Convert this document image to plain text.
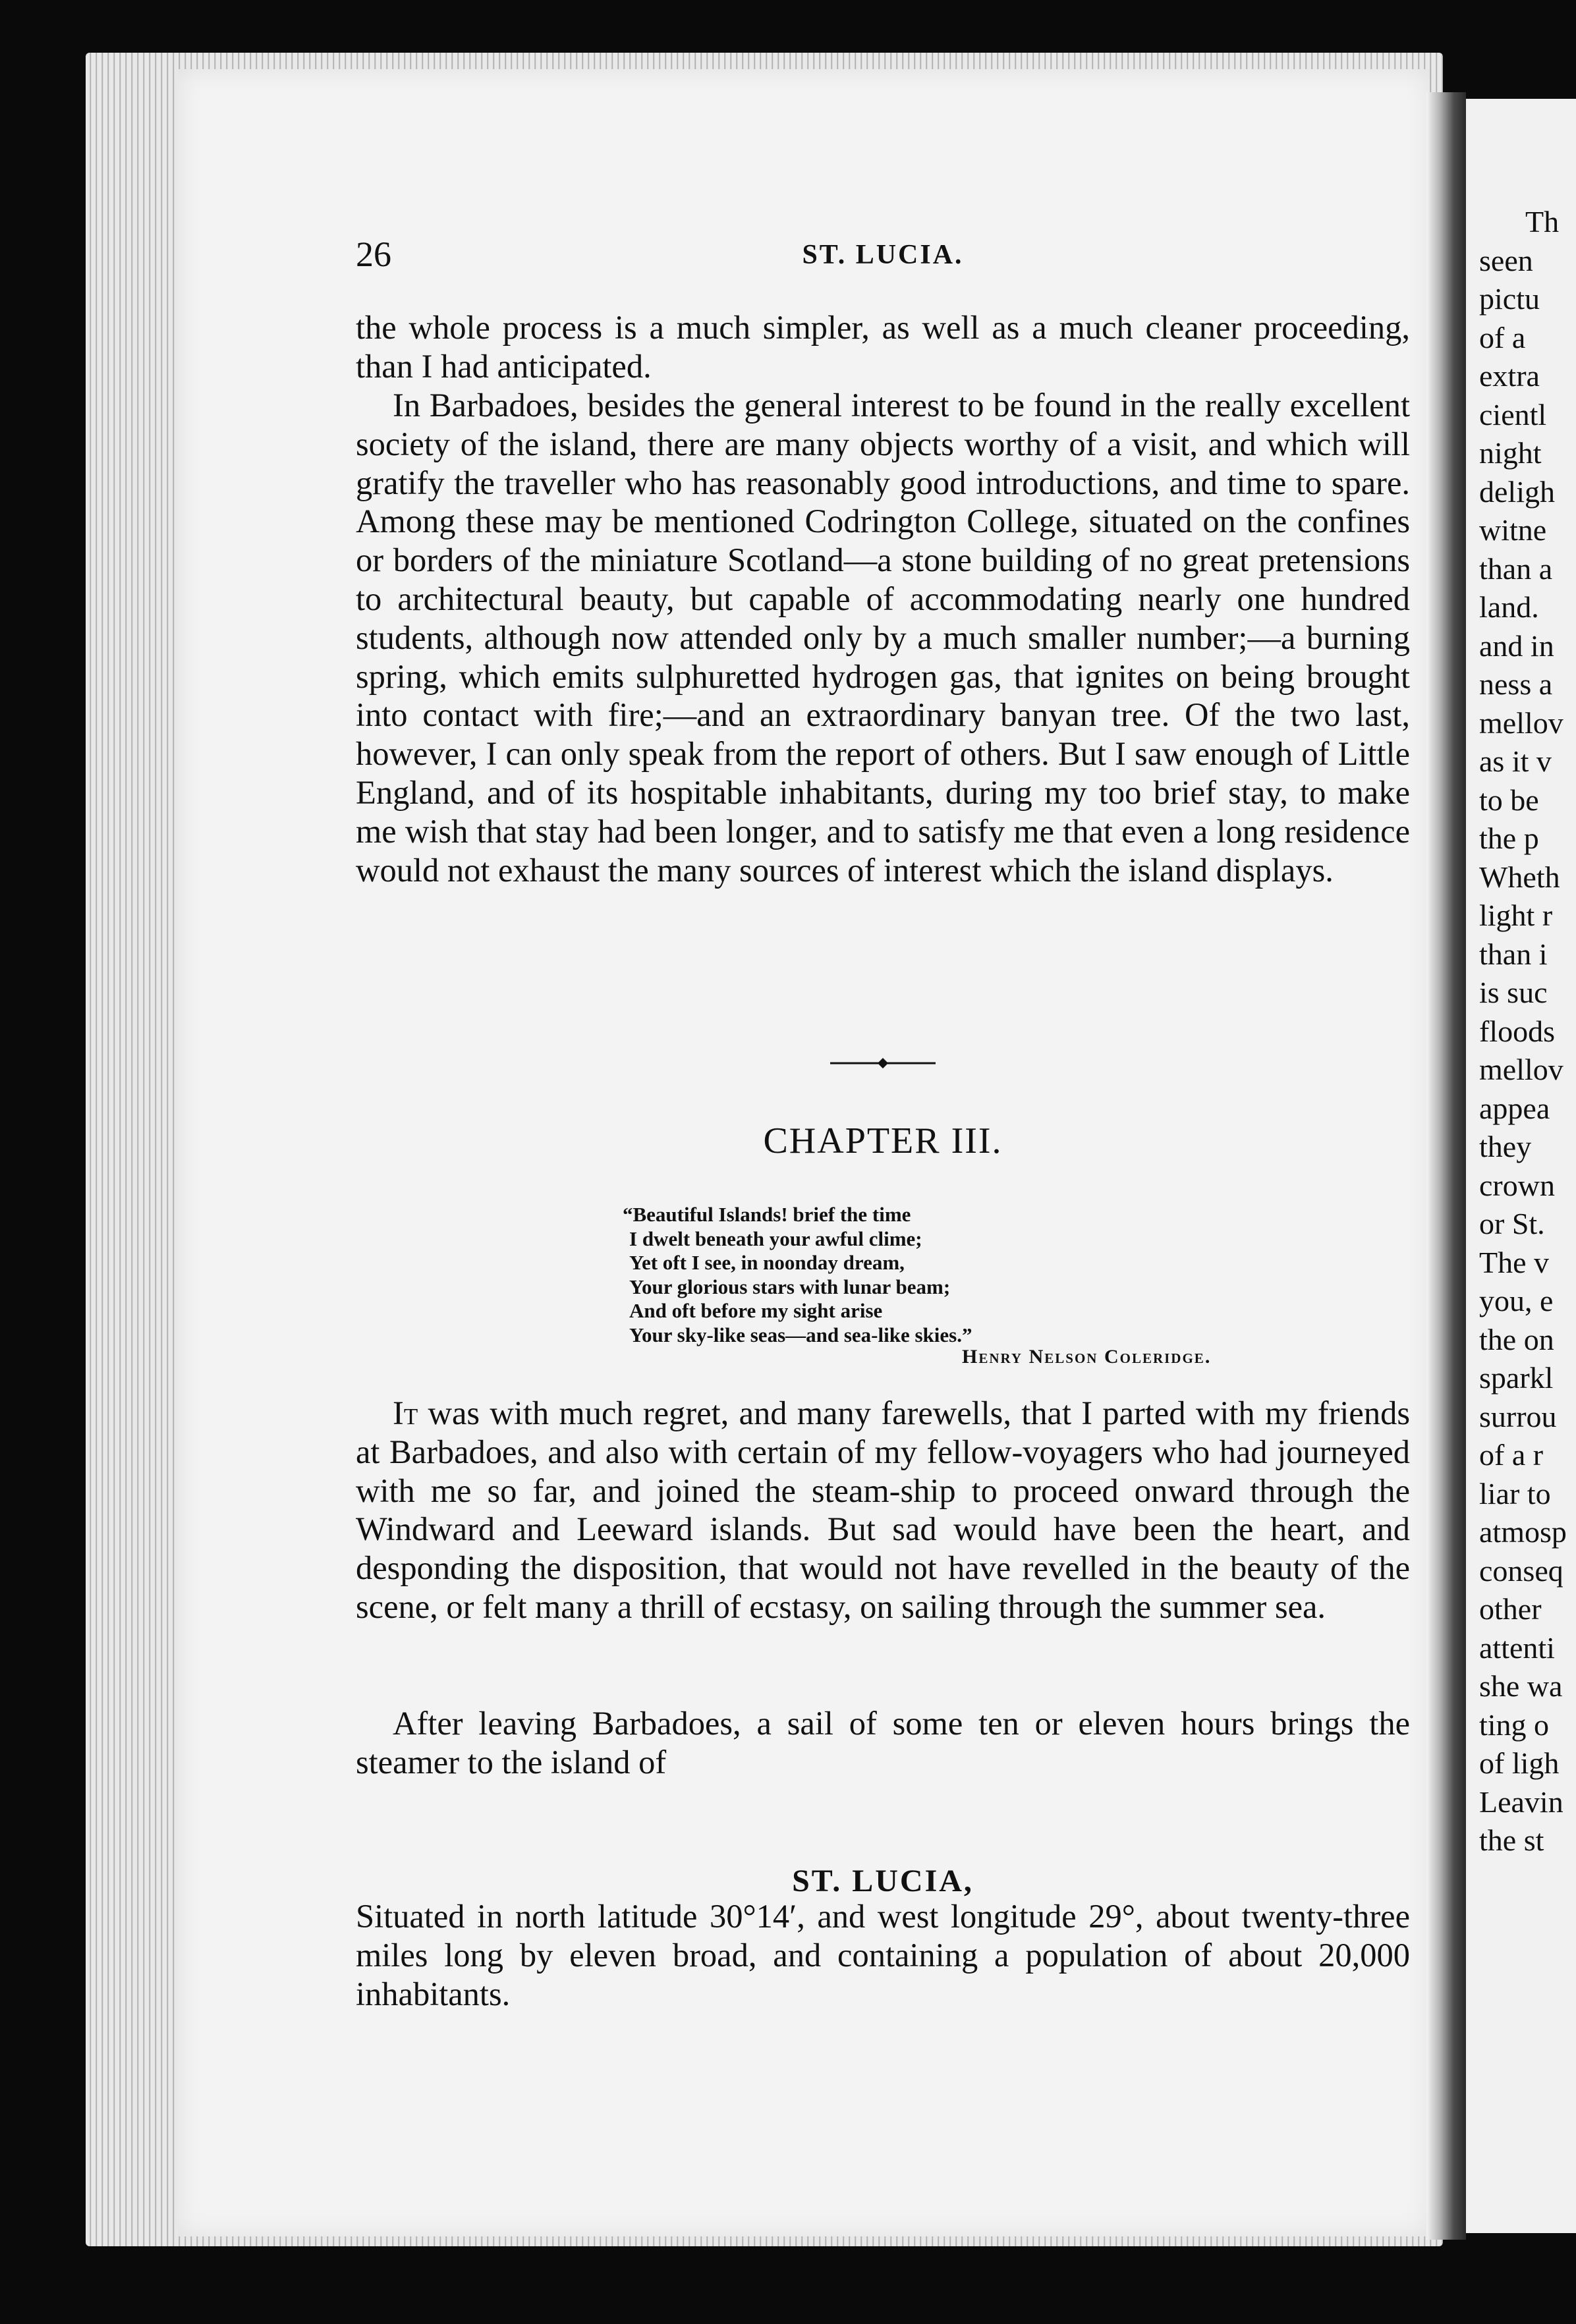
Th
seen
pictu
of a
extra
cientl
night
deligh
witne
than a
land.
and in
ness a
mellov
as it v
to be
the p
Wheth
light r
than i
is suc
floods
mellov
appea
they
crown
or St.
The v
you, e
the on
sparkl
surrou
of a r
liar to
atmosp
conseq
other
attenti
she wa
ting o
of ligh
Leavin
the st
26	ST. LUCIA.

the whole process is a much simpler, as well as a much cleaner proceeding, than I had anticipated.

In Barbadoes, besides the general interest to be found in the really excellent society of the island, there are many objects worthy of a visit, and which will gratify the traveller who has reasonably good introductions, and time to spare. Among these may be mentioned Codrington College, situated on the confines or borders of the miniature Scotland—a stone building of no great pretensions to architectural beauty, but capable of accommodating nearly one hundred students, although now attended only by a much smaller number;—a burning spring, which emits sulphuretted hydrogen gas, that ignites on being brought into contact with fire;—and an extraordinary banyan tree. Of the two last, however, I can only speak from the report of others. But I saw enough of Little England, and of its hospitable inhabitants, during my too brief stay, to make me wish that stay had been longer, and to satisfy me that even a long residence would not exhaust the many sources of interest which the island displays.

CHAPTER III.
“Beautiful Islands! brief the time
I dwelt beneath your awful clime;
Yet oft I see, in noonday dream,
Your glorious stars with lunar beam;
And oft before my sight arise
Your sky-like seas—and sea-like skies.”
Henry Nelson Coleridge.

It was with much regret, and many farewells, that I parted with my friends at Barbadoes, and also with certain of my fellow-voyagers who had journeyed with me so far, and joined the steam-ship to proceed onward through the Windward and Leeward islands. But sad would have been the heart, and desponding the disposition, that would not have revelled in the beauty of the scene, or felt many a thrill of ecstasy, on sailing through the summer sea.

After leaving Barbadoes, a sail of some ten or eleven hours brings the steamer to the island of

ST. LUCIA,

Situated in north latitude 30°14′, and west longitude 29°, about twenty-three miles long by eleven broad, and containing a population of about 20,000 inhabitants.
